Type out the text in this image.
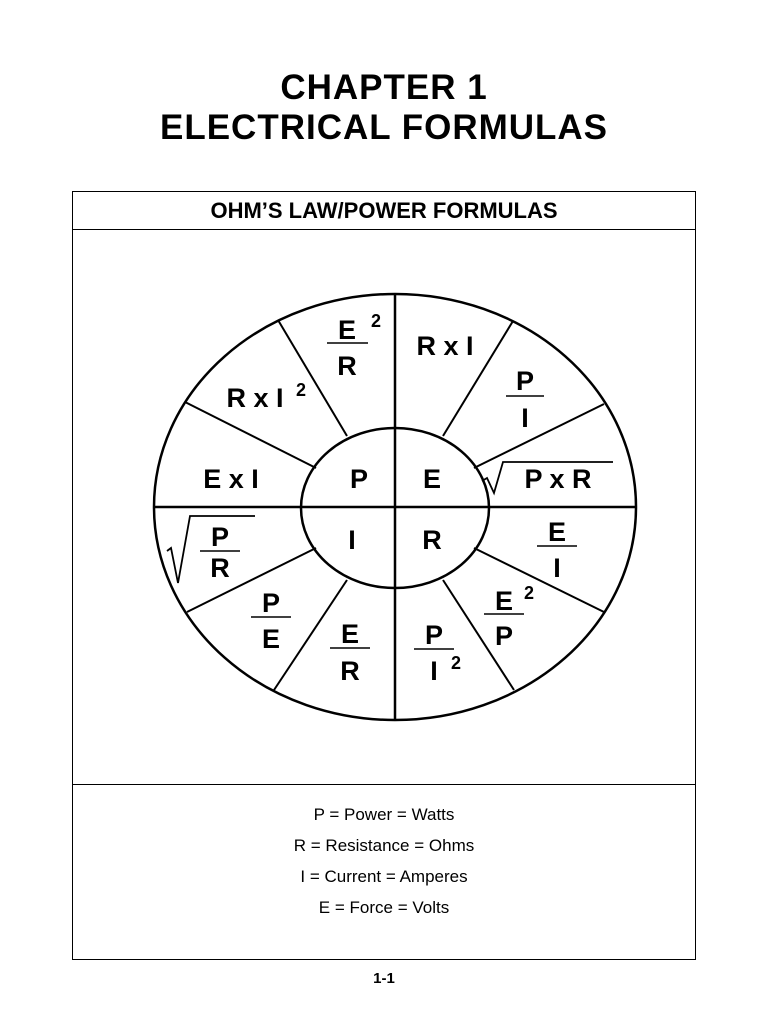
CHAPTER 1
ELECTRICAL FORMULAS
OHM’S LAW/POWER FORMULAS
P E
I R
E 2
R
R x I
P
I
P x R
E
I
E 2
P
P
I 2
E
R
P
E
P
R
E x I
R x I 2
P = Power = Watts
R = Resistance = Ohms
I = Current = Amperes
E = Force = Volts
1-1
